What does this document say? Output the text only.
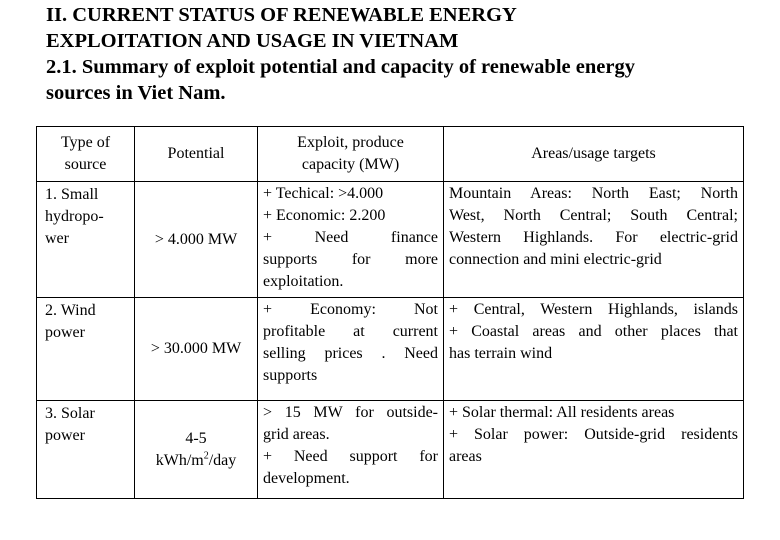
II. CURRENT STATUS OF RENEWABLE ENERGY
EXPLOITATION AND USAGE IN VIETNAM
2.1. Summary of exploit potential and capacity of renewable energy
sources in Viet Nam.
Type of
source	Potential	Exploit, produce
capacity (MW)	Areas/usage targets

1. Small
hydropo-
wer	> 4.000 MW	+ Techical: >4.000
+ Economic: 2.200
+ Need finance
supports for more
exploitation.	Mountain Areas: North East; North
West, North Central; South Central;
Western Highlands. For electric-grid
connection and mini electric-grid

2. Wind
power	> 30.000 MW	+ Economy: Not
profitable at current
selling prices . Need
supports	+ Central, Western Highlands, islands
+ Coastal areas and other places that
has terrain wind

3. Solar
power	4-5
kWh/$m^2$/day	> 15 MW for outside-
grid areas.
+ Need support for
development.	+ Solar thermal: All residents areas
+ Solar power: Outside-grid residents
areas
